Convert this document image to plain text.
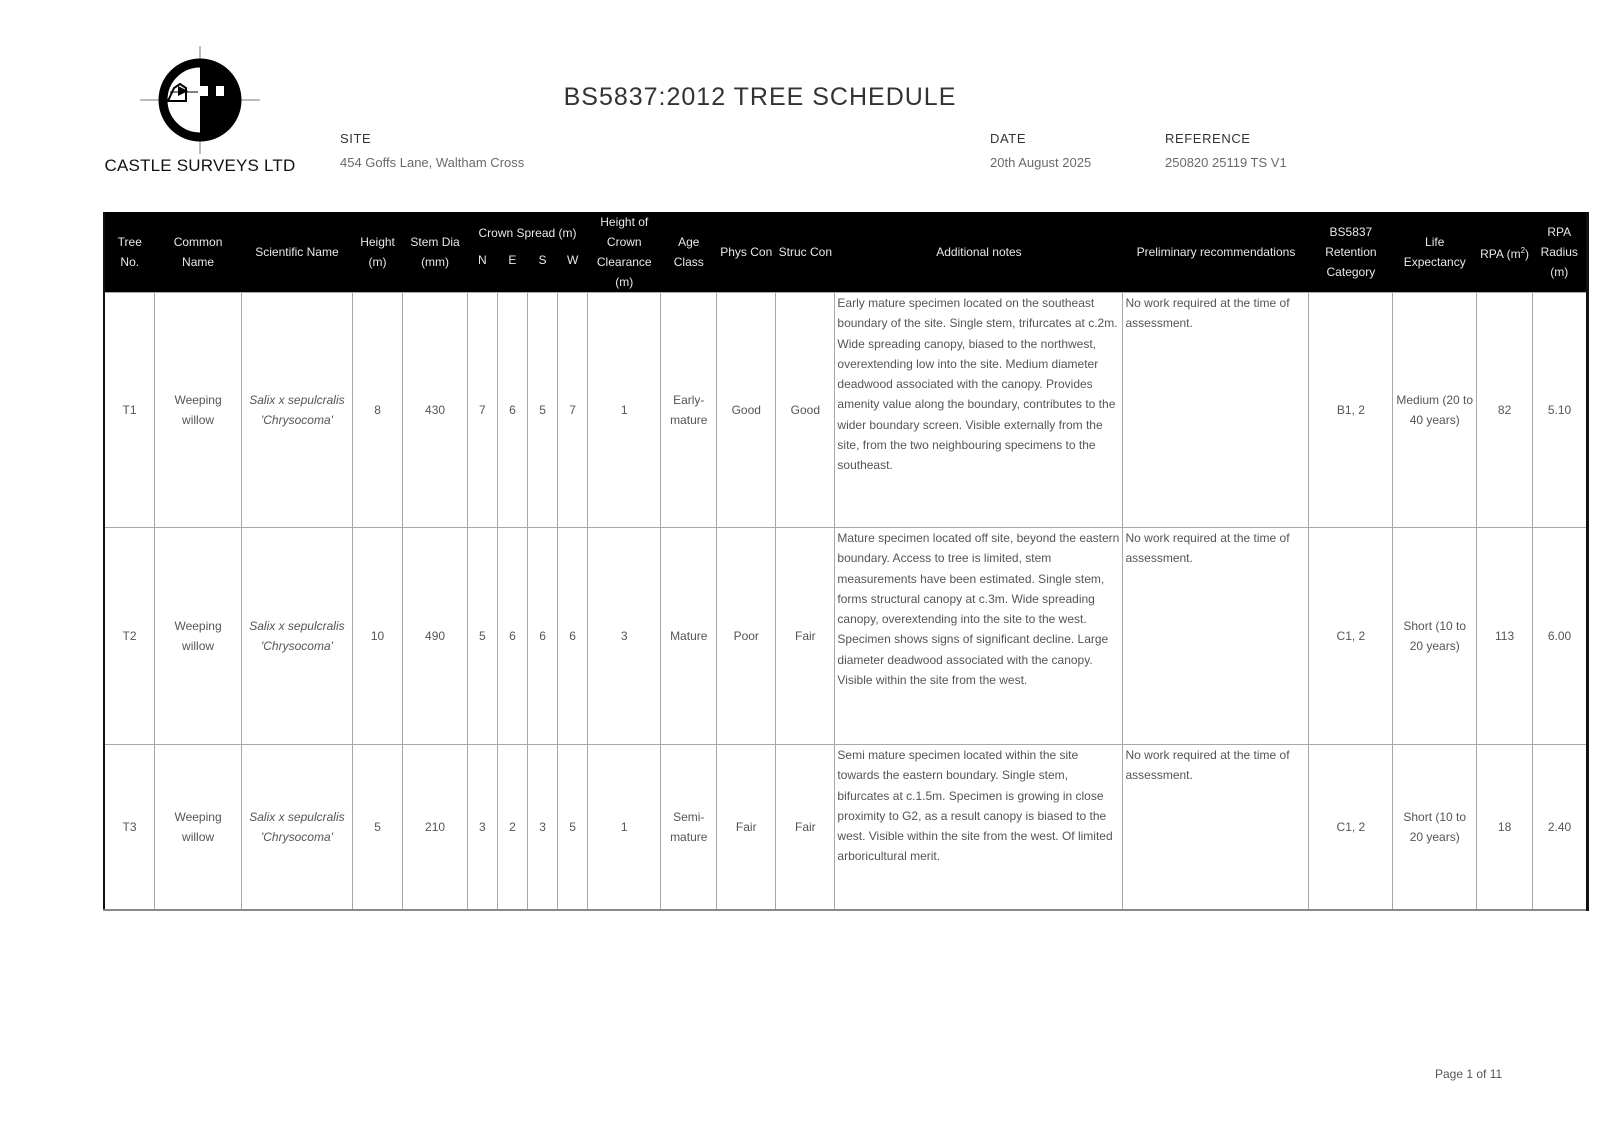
CASTLE SURVEYS LTD
BS5837:2012 TREE SCHEDULE
SITE
454 Goffs Lane, Waltham Cross
DATE
20th August 2025
REFERENCE
250820 25119 TS V1
Tree No.	Common Name	Scientific Name	Height (m)	Stem Dia (mm)	Crown Spread (m)				Height of Crown Clearance (m)	Age Class	Phys Con	Struc Con	Additional notes	Preliminary recommendations	BS5837 Retention Category	Life Expectancy	RPA $(m^2)$	RPA Radius (m)
					N	E	S	W										
T1	Weeping willow	Salix x sepulcralis 'Chrysocoma'	8	430	7	6	5	7	1	Early-mature	Good	Good	Early mature specimen located on the southeast boundary of the site. Single stem, trifurcates at c.2m. Wide spreading canopy, biased to the northwest, overextending low into the site. Medium diameter deadwood associated with the canopy. Provides amenity value along the boundary, contributes to the wider boundary screen. Visible externally from the site, from the two neighbouring specimens to the southeast.	No work required at the time of assessment.	B1, 2	Medium (20 to 40 years)	82	5.10
T2	Weeping willow	Salix x sepulcralis 'Chrysocoma'	10	490	5	6	6	6	3	Mature	Poor	Fair	Mature specimen located off site, beyond the eastern boundary. Access to tree is limited, stem measurements have been estimated. Single stem, forms structural canopy at c.3m. Wide spreading canopy, overextending into the site to the west. Specimen shows signs of significant decline. Large diameter deadwood associated with the canopy. Visible within the site from the west.	No work required at the time of assessment.	C1, 2	Short (10 to 20 years)	113	6.00
T3	Weeping willow	Salix x sepulcralis 'Chrysocoma'	5	210	3	2	3	5	1	Semi-mature	Fair	Fair	Semi mature specimen located within the site towards the eastern boundary. Single stem, bifurcates at c.1.5m. Specimen is growing in close proximity to G2, as a result canopy is biased to the west. Visible within the site from the west. Of limited arboricultural merit.	No work required at the time of assessment.	C1, 2	Short (10 to 20 years)	18	2.40
Page 1 of 11
